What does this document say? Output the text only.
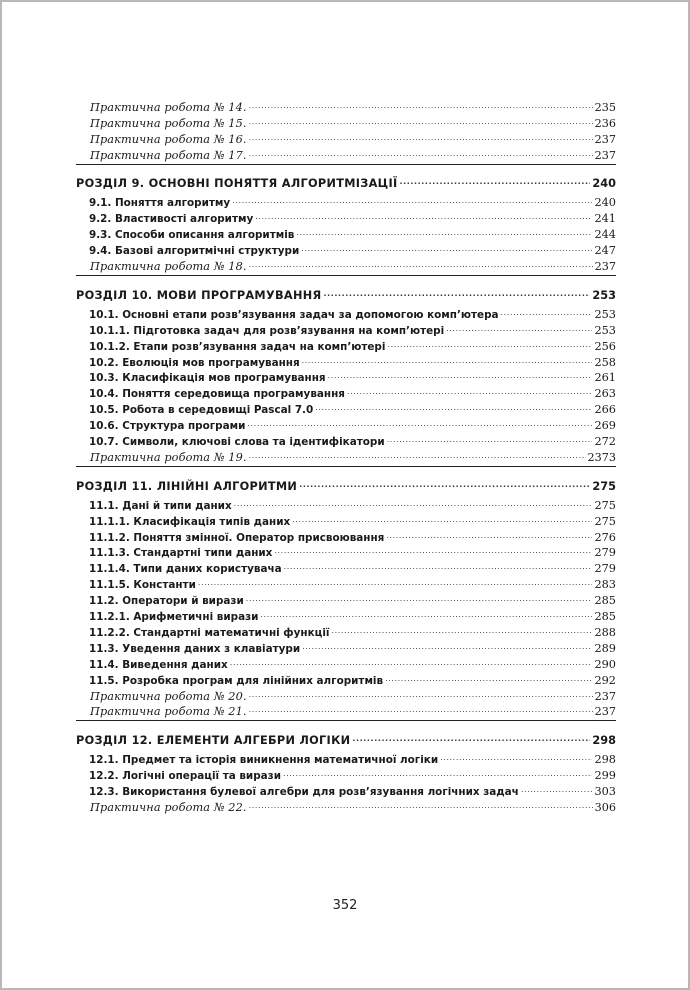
Практична робота № 14. .....	235
Практична робота № 15. .....	236
Практична робота № 16. .....	237
Практична робота № 17. .....	237
РОЗДІЛ 9. ОСНОВНІ ПОНЯТТЯ АЛГОРИТМІЗАЦІЇ .....	240
9.1. Поняття алгоритму .....	240
9.2. Властивості алгоритму .....	241
9.3. Способи описання алгоритмів .....	244
9.4. Базові алгоритмічні структури .....	247
Практична робота № 18. .....	237
РОЗДІЛ 10. МОВИ ПРОГРАМУВАННЯ .....	253
10.1. Основні етапи розв’язування задач за допомогою комп’ютера .....	253
10.1.1. Підготовка задач для розв’язування на комп’ютері .....	253
10.1.2. Етапи розв’язування задач на комп’ютері .....	256
10.2. Еволюція мов програмування .....	258
10.3. Класифікація мов програмування .....	261
10.4. Поняття середовища програмування .....	263
10.5. Робота в середовищі Pascal 7.0 .....	266
10.6. Структура програми .....	269
10.7. Символи, ключові слова та ідентифікатори .....	272
Практична робота № 19. .....	2373
РОЗДІЛ 11. ЛІНІЙНІ АЛГОРИТМИ .....	275
11.1. Дані й типи даних .....	275
11.1.1. Класифікація типів даних .....	275
11.1.2. Поняття змінної. Оператор присвоювання .....	276
11.1.3. Стандартні типи даних .....	279
11.1.4. Типи даних користувача .....	279
11.1.5. Константи .....	283
11.2. Оператори й вирази .....	285
11.2.1. Арифметичні вирази .....	285
11.2.2. Стандартні математичні функції .....	288
11.3. Уведення даних з клавіатури .....	289
11.4. Виведення даних .....	290
11.5. Розробка програм для лінійних алгоритмів .....	292
Практична робота № 20. .....	237
Практична робота № 21. .....	237
РОЗДІЛ 12. ЕЛЕМЕНТИ АЛГЕБРИ ЛОГІКИ .....	298
12.1. Предмет та історія виникнення математичної логіки .....	298
12.2. Логічні операції та вирази .....	299
12.3. Використання булевої алгебри для розв’язування логічних задач .....	303
Практична робота № 22. .....	306
352
